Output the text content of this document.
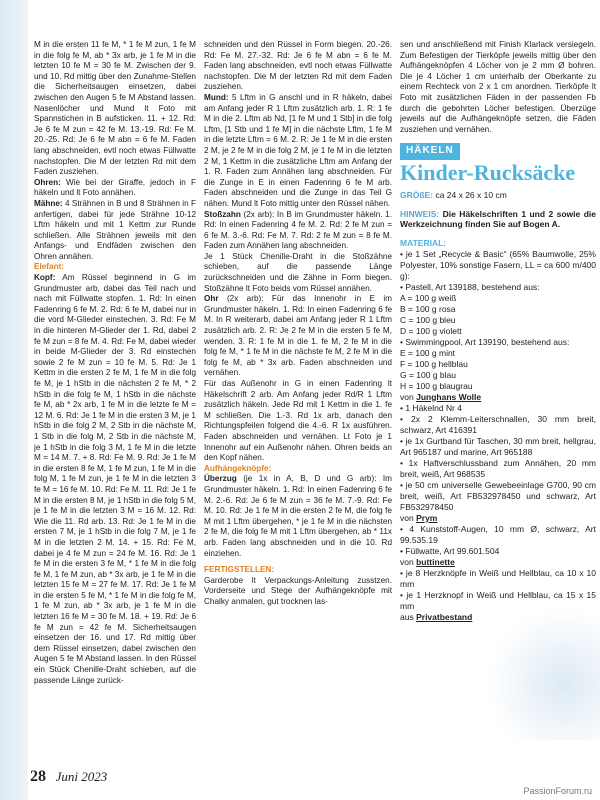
M in die ersten 11 fe M, * 1 fe M zun, 1 fe M in die folg fe M, ab * 3x arb, je 1 fe M in die letzten 10 fe M = 30 fe M. Zwischen der 9. und 10. Rd mittig über den Zunahme-Stellen die Sicherheitsaugen einsetzen, dabei zwischen den Augen 5 fe M Abstand lassen. Nasenlöcher und Mund lt Foto mit Spannstichen in B aufsticken. 11. + 12. Rd: Je 6 fe M zun = 42 fe M. 13.-19. Rd: Fe M. 20.-25. Rd: Je 6 fe M abn = 6 fe M. Faden lang abschneiden, evtl noch etwas Füllwatte nachstopfen. Die M der letzten Rd mit dem Faden zusziehen.

Ohren: Wie bei der Giraffe, jedoch in F häkeln und lt Foto annähen.

Mähne: 4 Strähnen in B und 8 Strähnen in F anfertigen, dabei für jede Strähne 10-12 Lftm häkeln und mit 1 Kettm zur Runde schließen. Alle Strähnen jeweils mit den Anfangs- und Endfäden zwischen den Ohren annähen.

Elefant:

Kopf: Am Rüssel beginnend in G im Grundmuster arb, dabei das Teil nach und nach mit Füllwatte stopfen. 1. Rd: In einen Fadenring 6 fe M. 2. Rd: 6 fe M, dabei nur in die vord M-Glieder einstechen. 3. Rd: Fe M in die hinteren M-Glieder der 1. Rd, dabei 2 fe M zun = 8 fe M. 4. Rd: Fe M, dabei wieder in beide M-Glieder der 3. Rd einstechen sowie 2 fe M zun = 10 fe M. 5. Rd: Je 1 Kettm in die ersten 2 fe M, 1 fe M in die folg fe M, je 1 hStb in die nächsten 2 fe M, * 2 hStb in die folg fe M, 1 hStb in die nächste fe M, ab * 2x arb, 1 fe M in die letzte fe M = 12 M. 6. Rd: Je 1 fe M in die ersten 3 M, je 1 hStb in die folg 2 M, 2 Stb in die nächste M, 1 Stb in die folg M, 2 Stb in die nächste M, je 1 hStb in die folg 3 M, 1 fe M in die letzte M = 14 M. 7. + 8. Rd: Fe M. 9. Rd: Je 1 fe M in die ersten 8 fe M, 1 fe M zun, 1 fe M in die folg M, 1 fe M zun, je 1 fe M in die letzten 3 fe M = 16 fe M. 10. Rd: Fe M. 11. Rd: Je 1 fe M in die ersten 8 M, je 1 hStb in die folg 5 M, je 1 fe M in die letzten 3 M = 16 M. 12. Rd: Wie die 11. Rd arb. 13. Rd: Je 1 fe M in die ersten 7 M, je 1 hStb in die folg 7 M, je 1 fe M in die letzten 2 M. 14. + 15. Rd: Fe M, dabei je 4 fe M zun = 24 fe M. 16. Rd: Je 1 fe M in die ersten 3 fe M, * 1 fe M in die folg fe M, 1 fe M zun, ab * 3x arb, je 1 fe M in die letzten 15 fe M = 27 fe M. 17. Rd: Je 1 fe M in die ersten 5 fe M, * 1 fe M in die folg fe M, 1 fe M zun, ab * 3x arb, je 1 fe M in die letzten 16 fe M = 30 fe M. 18. + 19. Rd: Je 6 fe M zun = 42 fe M. Sicherheitsaugen einsetzen der 16. und 17. Rd mittig über dem Rüssel einsetzen, dabei zwischen den Augen 5 fe M Abstand lassen. In den Rüssel ein Stück Chenille-Draht schieben, auf die passende Länge zurück-

schneiden und den Rüssel in Form biegen. 20.-26. Rd: Fe M. 27.-32. Rd: Je 6 fe M abn = 6 fe M. Faden lang abschneiden, evtl noch etwas Füllwatte nachstopfen. Die M der letzten Rd mit dem Faden zusziehen.

Mund: 5 Lftm in G anschl und in R häkeln, dabei am Anfang jeder R 1 Lftm zusätzlich arb. 1. R: 1 fe M in die 2. Lftm ab Nd, [1 fe M und 1 Stb] in die folg Lftm, [1 Stb und 1 fe M] in die nächste Lftm, 1 fe M in die letzte Lftm = 6 M. 2. R: Je 1 fe M in die ersten 2 M, je 2 fe M in die folg 2 M, je 1 fe M in die letzten 2 M, 1 Kettm in die zusätzliche Lftm am Anfang der 1. R. Faden zum Annähen lang abschneiden. Für die Zunge in E in einen Fadenring 6 fe M arb. Faden abschneiden und die Zunge in das Teil G nähen. Mund lt Foto mittig unter den Rüssel nähen.

Stoßzahn (2x arb): In B im Grundmuster häkeln. 1. Rd: In einen Fadenring 4 fe M. 2. Rd: 2 fe M zun = 6 fe M. 3.-6. Rd: Fe M. 7. Rd: 2 fe M zun = 8 fe M. Faden zum Annähen lang abschneiden.

Je 1 Stück Chenille-Draht in die Stoßzähne schieben, auf die passende Länge zurückschneiden und die Zähne in Form biegen. Stoßzähne lt Foto beids vom Rüssel annähen.

Ohr (2x arb): Für das Innenohr in E im Grundmuster häkeln. 1. Rd: In einen Fadenring 6 fe M. In R weiterarb, dabei am Anfang jeder R 1 Lftm zusätzlich arb. 2. R: Je 2 fe M in die ersten 5 fe M, wenden. 3. R: 1 fe M in die 1. fe M, 2 fe M in die folg fe M, * 1 fe M in die nächste fe M, 2 fe M in die folg fe M, ab * 3x arb. Faden abschneiden und vernähen.

Für das Außenohr in G in einen Fadenring lt Häkelschrift 2 arb. Am Anfang jeder Rd/R 1 Lftm zusätzlich häkeln. Jede Rd mit 1 Kettm in die 1. fe M schließen. Die 1.-3. Rd 1x arb, danach den Richtungspfeilen folgend die 4.-6. R 1x ausführen. Faden abschneiden und vernähen. Lt Foto je 1 Innenohr auf ein Außenohr nähen. Ohren beids an den Kopf nähen.

Aufhängeknöpfe:

Überzug (je 1x in A, B, D und G arb): Im Grundmuster häkeln. 1. Rd: In einen Fadenring 6 fe M. 2.-6. Rd: Je 6 fe M zun = 36 fe M. 7.-9. Rd: Fe M. 10. Rd: Je 1 fe M in die ersten 2 fe M, die folg fe M mit 1 Lftm übergehen, * je 1 fe M in die nächsten 2 fe M, die folg fe M mit 1 Lftm übergehen, ab * 11x arb. Faden lang abschneiden und in die 10. Rd einziehen.

FERTIGSTELLEN:

Garderobe lt Verpackungs-Anleitung zusstzen. Vorderseite und Stege der Aufhängeknöpfe mit Chalky anmalen, gut trocknen las-

sen und anschließend mit Finish Klarlack versiegeln. Zum Befestigen der Tierköpfe jeweils mittig über den Aufhängeknöpfen 4 Löcher von je 2 mm Ø bohren. Die je 4 Löcher 1 cm unterhalb der Oberkante zu einem Rechteck von 2 x 1 cm anordnen. Tierköpfe lt Foto mit zusätzlichen Fäden in der passenden Fb durch die gebohrten Löcher befestigen. Überzüge jeweils auf die Aufhängeknöpfe setzen, die Fäden zusziehen und vernähen.

HÄKELN
Kinder-Rucksäcke
GRÖßE: ca 24 x 26 x 10 cm
HINWEIS: Die Häkelschriften 1 und 2 sowie die Werkzeichnung finden Sie auf Bogen A.

MATERIAL:

• je 1 Set „Recycle & Basic“ (65% Baumwolle, 25% Polyester, 10% sonstige Fasern, LL = ca 600 m/400 g):

• Pastell, Art 139188, bestehend aus:

A = 100 g weiß

B = 100 g rosa

C = 100 g bleu

D = 100 g violett

• Swimmingpool, Art 139190, bestehend aus:

E = 100 g mint

F = 100 g hellblau

G = 100 g blau

H = 100 g blaugrau

von Junghans Wolle

• 1 Häkelnd Nr 4

• 2x 2 Klemm-Leiterschnallen, 30 mm breit, schwarz, Art 416391

• je 1x Gurtband für Taschen, 30 mm breit, hellgrau, Art 965187 und marine, Art 965188

• 1x Haftverschlussband zum Annähen, 20 mm breit, weiß, Art 968535

• je 50 cm universelle Gewebeeinlage G700, 90 cm breit, weiß, Art FB532978450 und schwarz, Art FB532978450

von Prym

• 4 Kunststoff-Augen, 10 mm Ø, schwarz, Art 99.535.19

• Füllwatte, Art 99.601.504

von buttinette

• je 8 Herzknöpfe in Weiß und Hellblau, ca 10 x 10 mm

• je 1 Herzknopf in Weiß und Hellblau, ca 15 x 15 mm

aus Privatbestand

28 Juni 2023
PassionForum.ru
